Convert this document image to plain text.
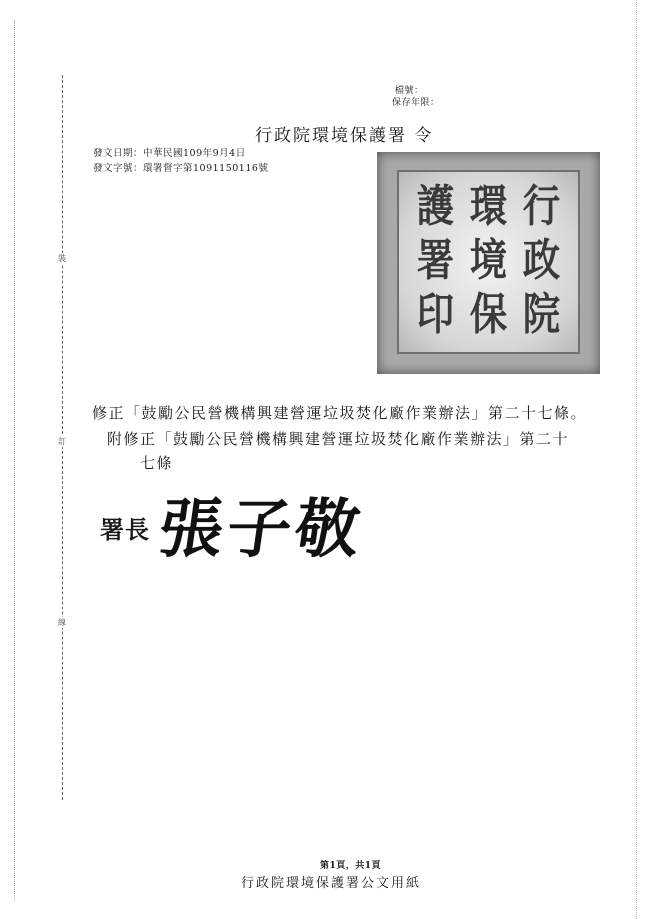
裝
訂
線
檔號：
保存年限：
行政院環境保護署 令
發文日期：中華民國109年9月4日
發文字號：環署督字第1091150116號
行
環
護
政
境
署
院
保
印
修正「鼓勵公民營機構興建營運垃圾焚化廠作業辦法」第二十七條。
附修正「鼓勵公民營機構興建營運垃圾焚化廠作業辦法」第二十
七條
署長 張子敬
第1頁，共1頁
行政院環境保護署公文用紙
